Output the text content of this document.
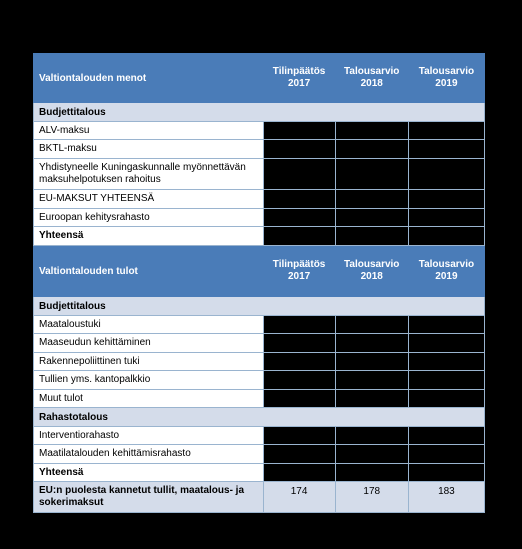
Valtiontalouden menot	Tilinpäätös 2017	Talousarvio 2018	Talousarvio 2019
Budjettitalous			
ALV-maksu			
BKTL-maksu			
Yhdistyneelle Kuningaskunnalle myönnettävän maksuhelpotuksen rahoitus			
EU-MAKSUT YHTEENSÄ			
Euroopan kehitysrahasto			
Yhteensä			
Valtiontalouden tulot	Tilinpäätös 2017	Talousarvio 2018	Talousarvio 2019
Budjettitalous			
Maataloustuki			
Maaseudun kehittäminen			
Rakennepoliittinen tuki			
Tullien yms. kantopalkkio			
Muut tulot			
Rahastotalous			
Interventiorahasto			
Maatilatalouden kehittämisrahasto			
Yhteensä			
EU:n puolesta kannetut tullit, maatalous- ja sokerimaksut	174	178	183
